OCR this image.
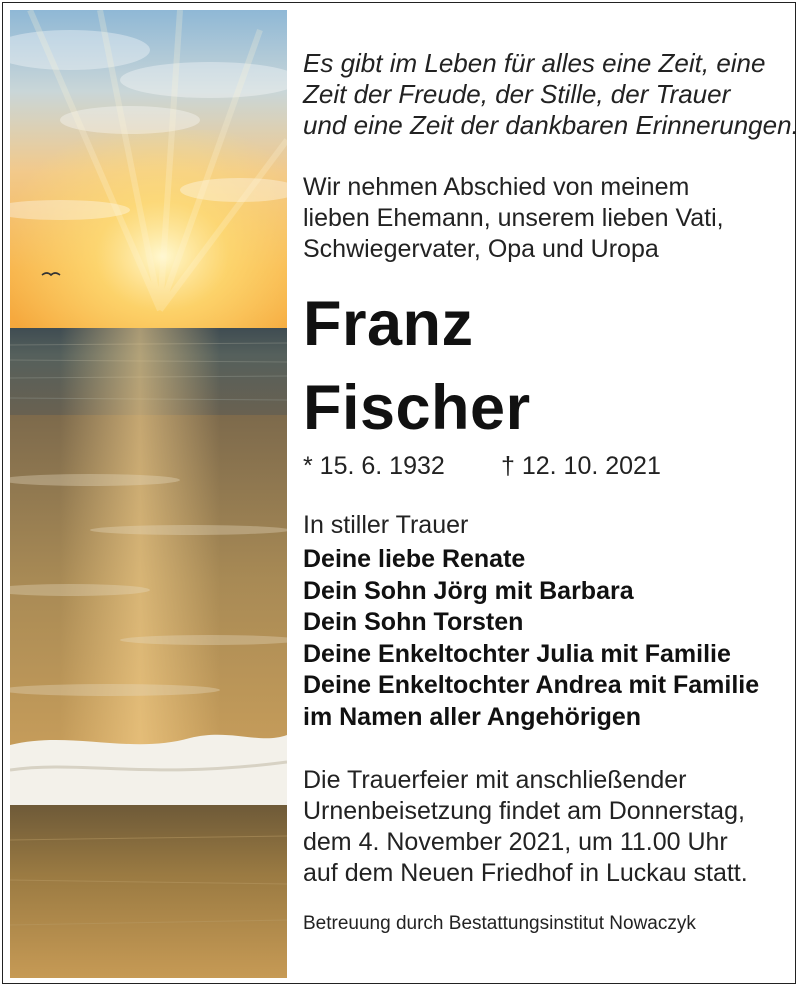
Es gibt im Leben für alles eine Zeit, eine
Zeit der Freude, der Stille, der Trauer
und eine Zeit der dankbaren Erinnerungen.
Wir nehmen Abschied von meinem
lieben Ehemann, unserem lieben Vati,
Schwiegervater, Opa und Uropa
Franz
Fischer
* 15. 6. 1932 † 12. 10. 2021
In stiller Trauer
Deine liebe Renate
Dein Sohn Jörg mit Barbara
Dein Sohn Torsten
Deine Enkeltochter Julia mit Familie
Deine Enkeltochter Andrea mit Familie
im Namen aller Angehörigen
Die Trauerfeier mit anschließender
Urnenbeisetzung findet am Donnerstag,
dem 4. November 2021, um 11.00 Uhr
auf dem Neuen Friedhof in Luckau statt.
Betreuung durch Bestattungsinstitut Nowaczyk
